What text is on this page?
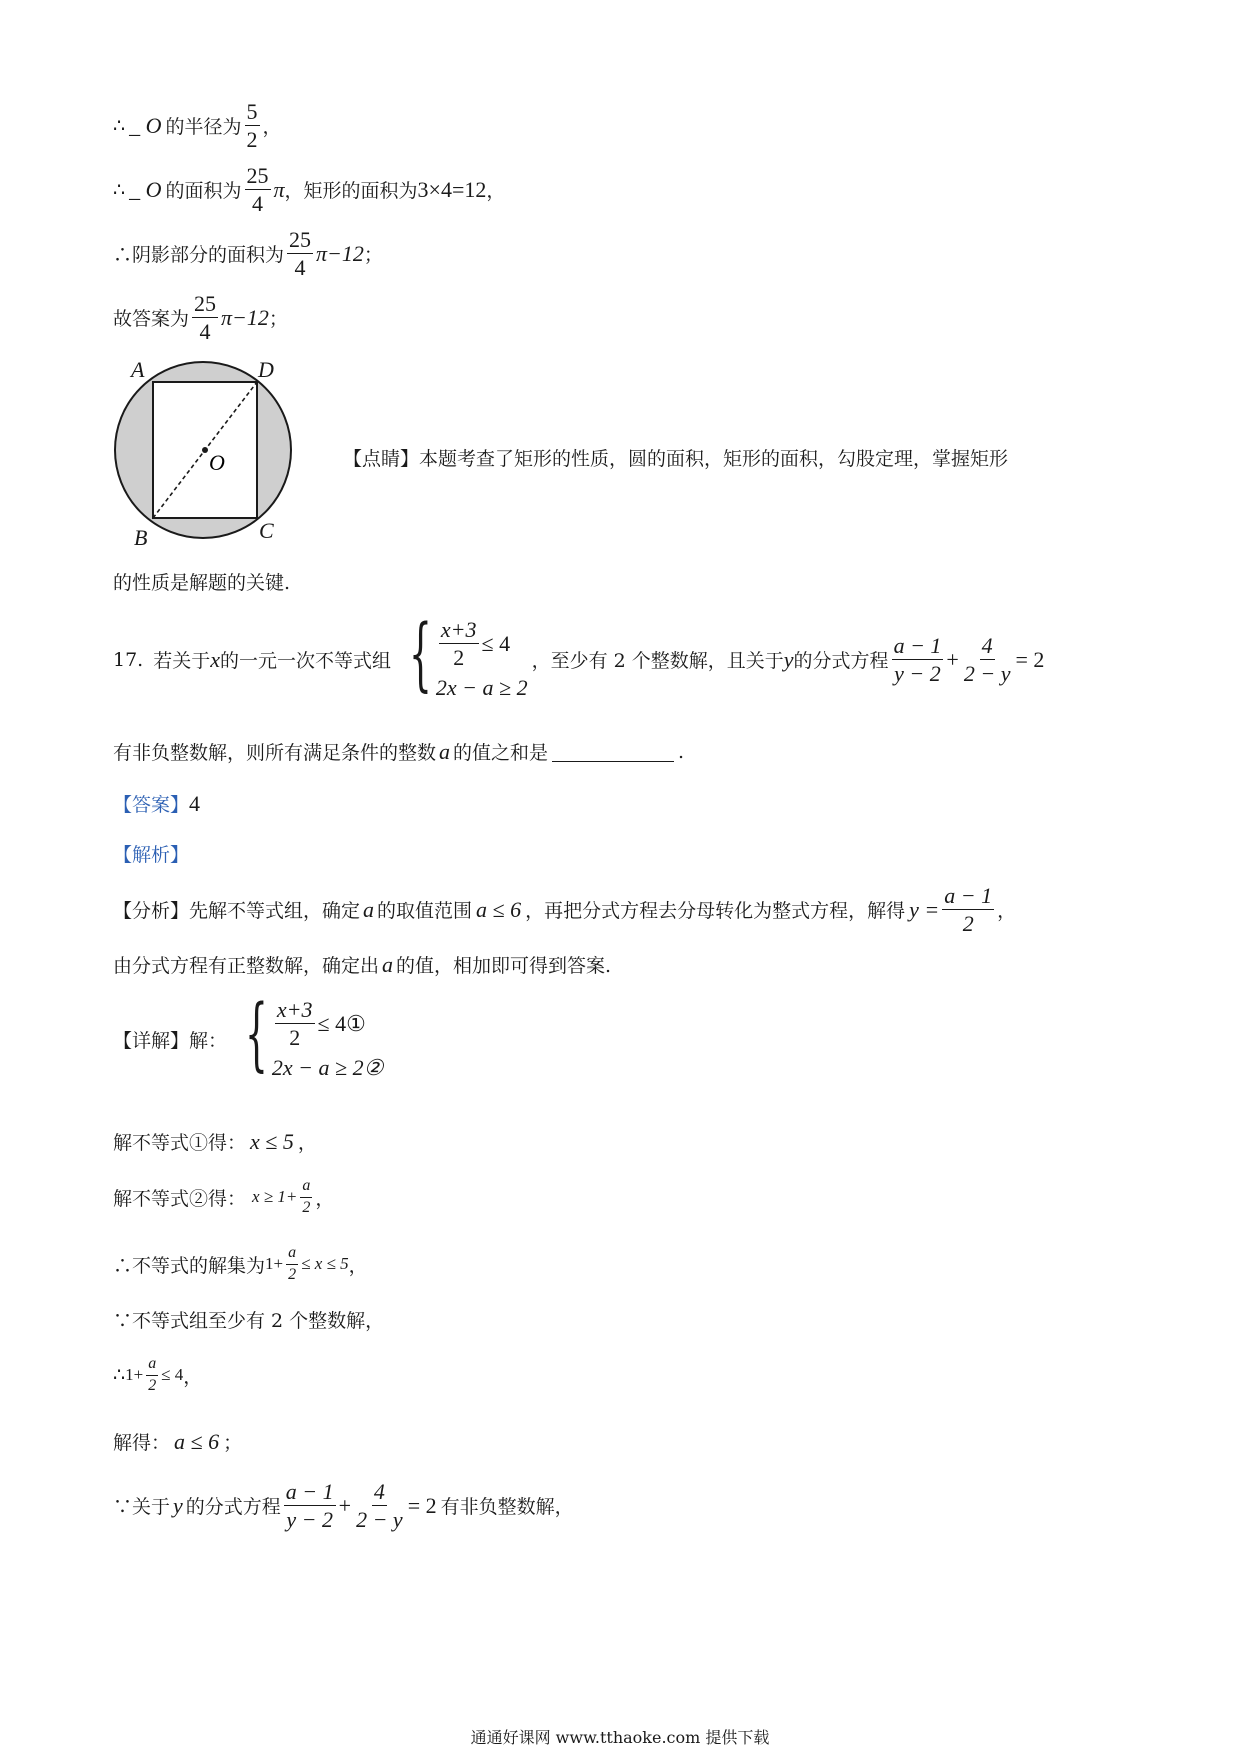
∴ _ O 的半径为 $\frac{5}{2}$ ，
∴ _ O 的面积为 $\frac{25}{4}$ π ，矩形的面积为 3×4=12 ，
∴阴影部分的面积为 $\frac{25}{4} \pi-12$ ；
故答案为 $\frac{25}{4} \pi-12$ ；
O
A	D
B	C
【点睛】本题考查了矩形的性质，圆的面积，矩形的面积，勾股定理，掌握矩形
的性质是解题的关键.
17. 若关于 x 的一元一次不等式组 { $\frac{x+3}{2} \le 4$
2x − a ≥ 2
，至少有 2 个整数解，且关于 y 的分式方程 $\frac{a - 1}{y - 2} + \frac{4}{2 - y} = 2$
有非负整数解，则所有满足条件的整数 a 的值之和是	.
【答案】4
【解析】
【分析】 先解不等式组，确定 a 的取值范围 a ≤ 6 ，再把分式方程去分母转化为整式方程，解得 $y = \frac{a - 1}{2}$ ，
由分式方程有正整数解，确定出 a 的值，相加即可得到答案.
【详解】解： { $\frac{x+3}{2}$ ≤ 4①
2x − a ≥ 2②
解不等式①得： x ≤ 5 ，
解不等式②得： $x \ge 1+ \frac{a}{2}$ ，
∴不等式的解集为 $1+ \frac{a}{2} \le x \le 5$ ，
∵不等式组至少有 2 个整数解，
∴ $1+ \frac{a}{2} \le 4$ ，
解得： a ≤ 6 ；
∵关于 y 的分式方程 $\frac{a - 1}{y - 2} + \frac{4}{2 - y} = 2$ 有非负整数解，
通通好课网 www.tthaoke.com 提供下载
